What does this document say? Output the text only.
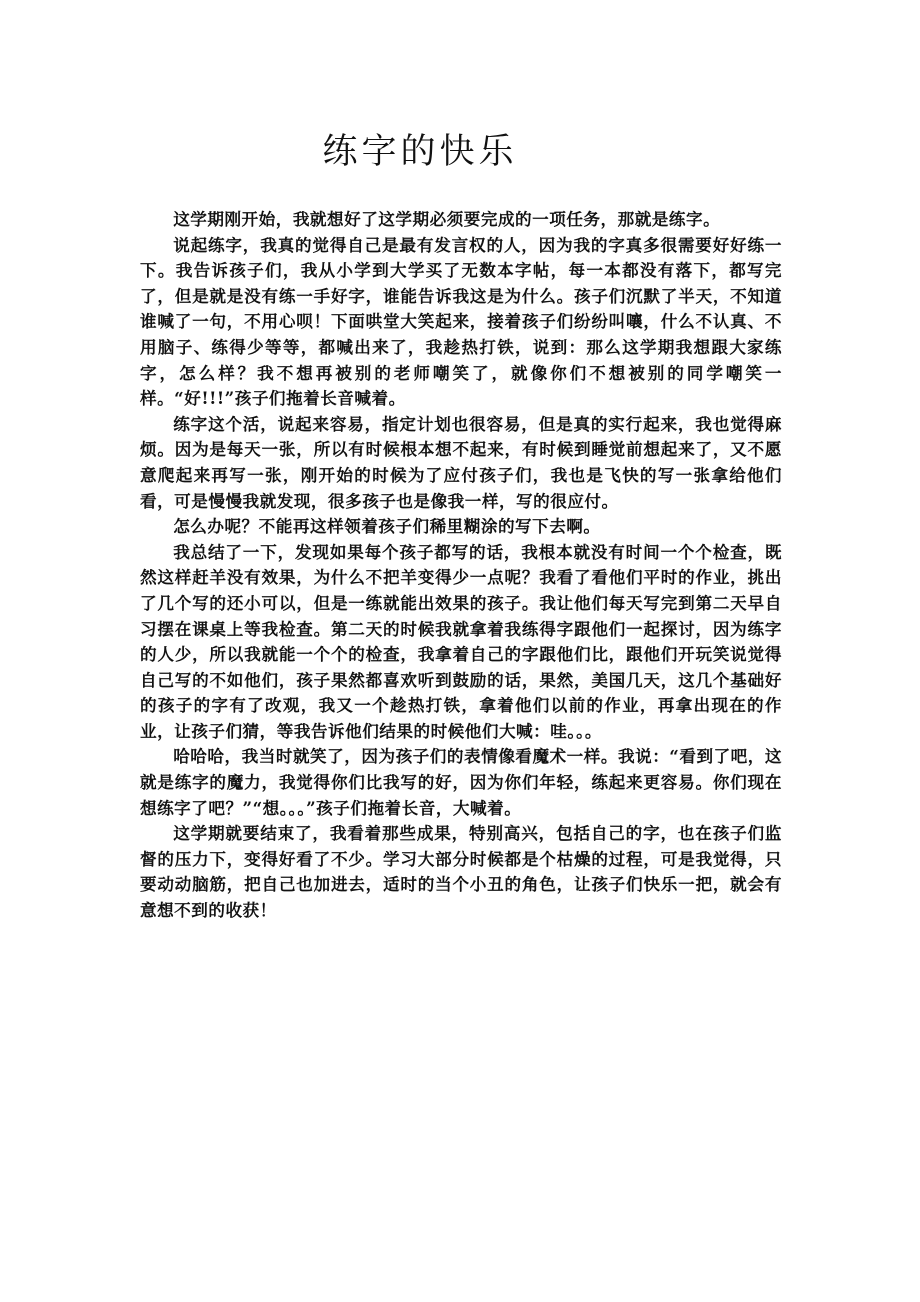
练字的快乐

这学期刚开始，我就想好了这学期必须要完成的一项任务，那就是练字。

说起练字，我真的觉得自己是最有发言权的人，因为我的字真多很需要好好练一下。我告诉孩子们，我从小学到大学买了无数本字帖，每一本都没有落下，都写完了，但是就是没有练一手好字，谁能告诉我这是为什么。孩子们沉默了半天，不知道谁喊了一句，不用心呗！下面哄堂大笑起来，接着孩子们纷纷叫嚷，什么不认真、不用脑子、练得少等等，都喊出来了，我趁热打铁，说到：那么这学期我想跟大家练字，怎么样？我不想再被别的老师嘲笑了，就像你们不想被别的同学嘲笑一样。“好!!!”孩子们拖着长音喊着。

练字这个活，说起来容易，指定计划也很容易，但是真的实行起来，我也觉得麻烦。因为是每天一张，所以有时候根本想不起来，有时候到睡觉前想起来了，又不愿意爬起来再写一张，刚开始的时候为了应付孩子们，我也是飞快的写一张拿给他们看，可是慢慢我就发现，很多孩子也是像我一样，写的很应付。

怎么办呢？不能再这样领着孩子们稀里糊涂的写下去啊。

我总结了一下，发现如果每个孩子都写的话，我根本就没有时间一个个检查，既然这样赶羊没有效果，为什么不把羊变得少一点呢？我看了看他们平时的作业，挑出了几个写的还小可以，但是一练就能出效果的孩子。我让他们每天写完到第二天早自习摆在课桌上等我检查。第二天的时候我就拿着我练得字跟他们一起探讨，因为练字的人少，所以我就能一个个的检查，我拿着自己的字跟他们比，跟他们开玩笑说觉得自己写的不如他们，孩子果然都喜欢听到鼓励的话，果然，美国几天，这几个基础好的孩子的字有了改观，我又一个趁热打铁，拿着他们以前的作业，再拿出现在的作业，让孩子们猜，等我告诉他们结果的时候他们大喊：哇。。。

哈哈哈，我当时就笑了，因为孩子们的表情像看魔术一样。我说：“看到了吧，这就是练字的魔力，我觉得你们比我写的好，因为你们年轻，练起来更容易。你们现在想练字了吧？”“想。。。”孩子们拖着长音，大喊着。

这学期就要结束了，我看着那些成果，特别高兴，包括自己的字，也在孩子们监督的压力下，变得好看了不少。学习大部分时候都是个枯燥的过程，可是我觉得，只要动动脑筋，把自己也加进去，适时的当个小丑的角色，让孩子们快乐一把，就会有意想不到的收获！
